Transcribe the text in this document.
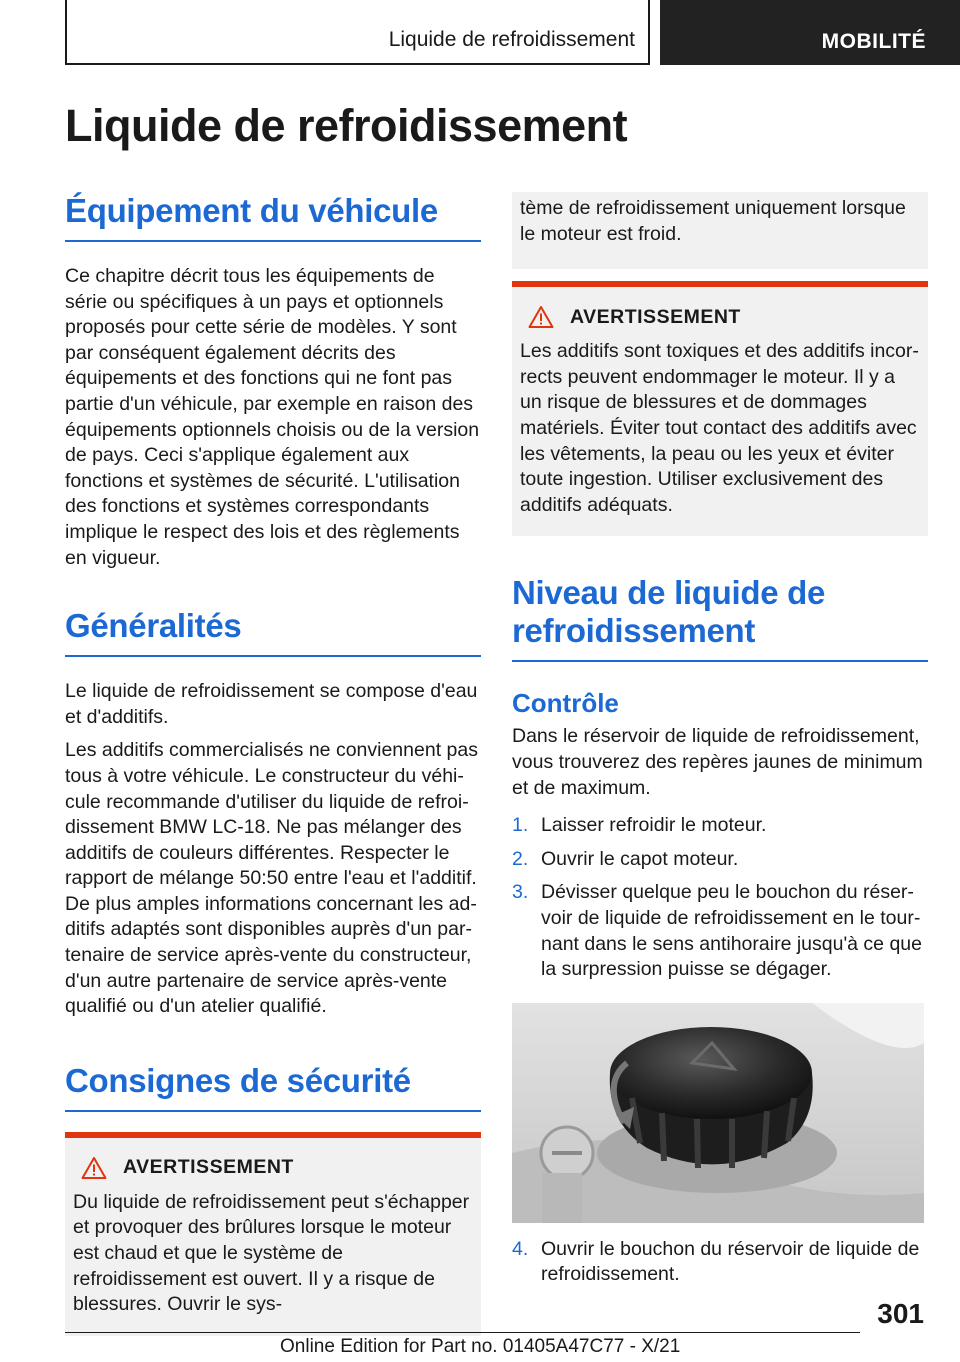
Liquide de refroidissement	MOBILITÉ
Liquide de refroidissement
Équipement du véhicule

Ce chapitre décrit tous les équipements de série ou spécifiques à un pays et optionnels proposés pour cette série de modèles. Y sont par conséquent également décrits des équipements et des fonctions qui ne font pas partie d'un véhicule, par exemple en raison des équipements optionnels choisis ou de la version de pays. Ceci s'applique également aux fonctions et systèmes de sécurité. L'utilisation des fonctions et systèmes correspondants implique le respect des lois et des règlements en vigueur.

Généralités

Le liquide de refroidissement se compose d'eau et d'additifs.

Les additifs commercialisés ne conviennent pas tous à votre véhicule. Le constructeur du véhicule recommande d'utiliser du liquide de refroidissement BMW LC-18. Ne pas mélanger des additifs de couleurs différentes. Respecter le rapport de mélange 50:50 entre l'eau et l'additif. De plus amples informations concernant les additifs adaptés sont disponibles auprès d'un partenaire de service après-vente du constructeur, d'un autre partenaire de service après-vente qualifié ou d'un atelier qualifié.

Consignes de sécurité
AVERTISSEMENT

Du liquide de refroidissement peut s'échapper et provoquer des brûlures lorsque le moteur est chaud et que le système de refroidissement est ouvert. Il y a risque de blessures. Ouvrir le sys-

tème de refroidissement uniquement lorsque le moteur est froid.

AVERTISSEMENT

Les additifs sont toxiques et des additifs incorrects peuvent endommager le moteur. Il y a un risque de blessures et de dommages matériels. Éviter tout contact des additifs avec les vêtements, la peau ou les yeux et éviter toute ingestion. Utiliser exclusivement des additifs adéquats.

Niveau de liquide de refroidissement
Contrôle

Dans le réservoir de liquide de refroidissement, vous trouverez des repères jaunes de minimum et de maximum.

1. Laisser refroidir le moteur.
2. Ouvrir le capot moteur.
3. Dévisser quelque peu le bouchon du réservoir de liquide de refroidissement en le tournant dans le sens antihoraire jusqu'à ce que la surpression puisse se dégager.
4. Ouvrir le bouchon du réservoir de liquide de refroidissement.
301
Online Edition for Part no. 01405A47C77 - X/21
